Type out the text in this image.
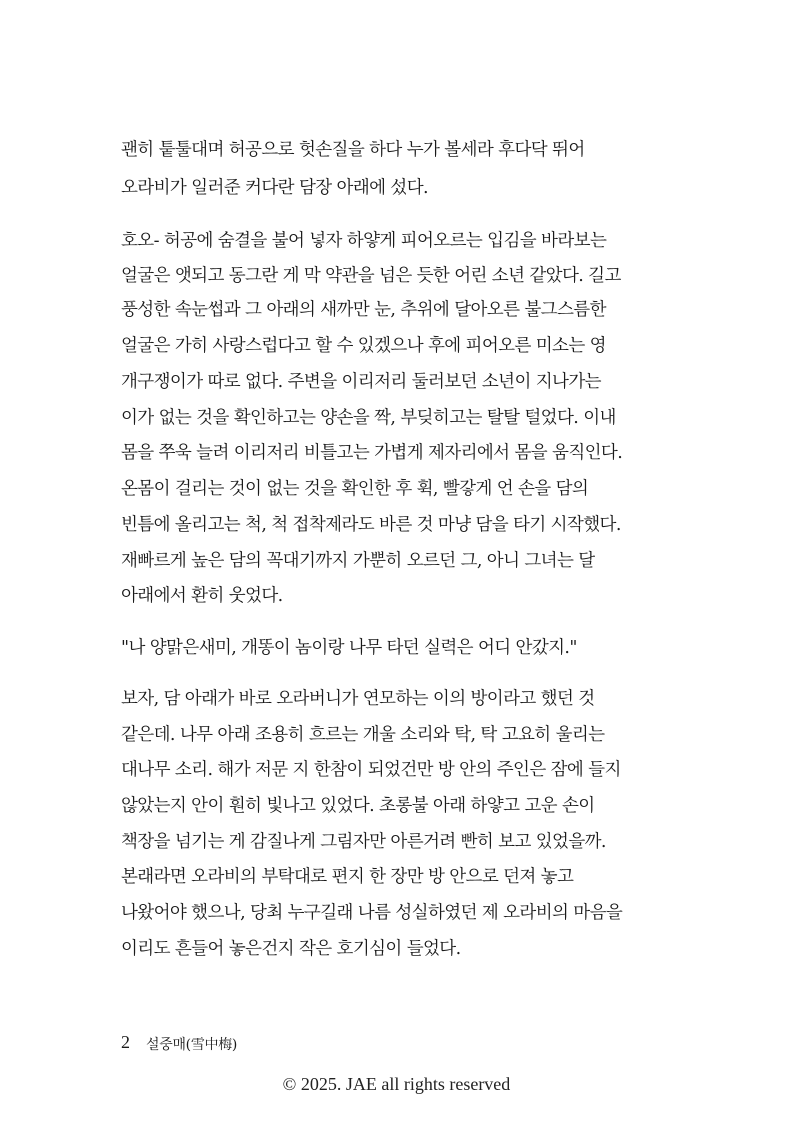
괜히 퉅툴대며 허공으로 헛손질을 하다 누가 볼세라 후다닥 뛰어
오라비가 일러준 커다란 담장 아래에 섰다.
호오- 허공에 숨결을 불어 넣자 하얗게 피어오르는 입김을 바라보는
얼굴은 앳되고 동그란 게 막 약관을 넘은 듯한 어린 소년 같았다. 길고
풍성한 속눈썹과 그 아래의 새까만 눈, 추위에 달아오른 불그스름한
얼굴은 가히 사랑스럽다고 할 수 있겠으나 후에 피어오른 미소는 영
개구쟁이가 따로 없다. 주변을 이리저리 둘러보던 소년이 지나가는
이가 없는 것을 확인하고는 양손을 짝, 부딪히고는 탈탈 털었다. 이내
몸을 쭈욱 늘려 이리저리 비틀고는 가볍게 제자리에서 몸을 움직인다.
온몸이 걸리는 것이 없는 것을 확인한 후 휙, 빨갛게 언 손을 담의
빈틈에 올리고는 척, 척 접착제라도 바른 것 마냥 담을 타기 시작했다.
재빠르게 높은 담의 꼭대기까지 가뿐히 오르던 그, 아니 그녀는 달
아래에서 환히 웃었다.
"나 양맑은새미, 개똥이 놈이랑 나무 타던 실력은 어디 안갔지."
보자, 담 아래가 바로 오라버니가 연모하는 이의 방이라고 했던 것
같은데. 나무 아래 조용히 흐르는 개울 소리와 탁, 탁 고요히 울리는
대나무 소리. 해가 저문 지 한참이 되었건만 방 안의 주인은 잠에 들지
않았는지 안이 훤히 빛나고 있었다. 초롱불 아래 하얗고 고운 손이
책장을 넘기는 게 감질나게 그림자만 아른거려 빤히 보고 있었을까.
본래라면 오라비의 부탁대로 편지 한 장만 방 안으로 던져 놓고
나왔어야 했으나, 당최 누구길래 나름 성실하였던 제 오라비의 마음을
이리도 흔들어 놓은건지 작은 호기심이 들었다.
2 설중매(雪中梅)
© 2025. JAE all rights reserved
